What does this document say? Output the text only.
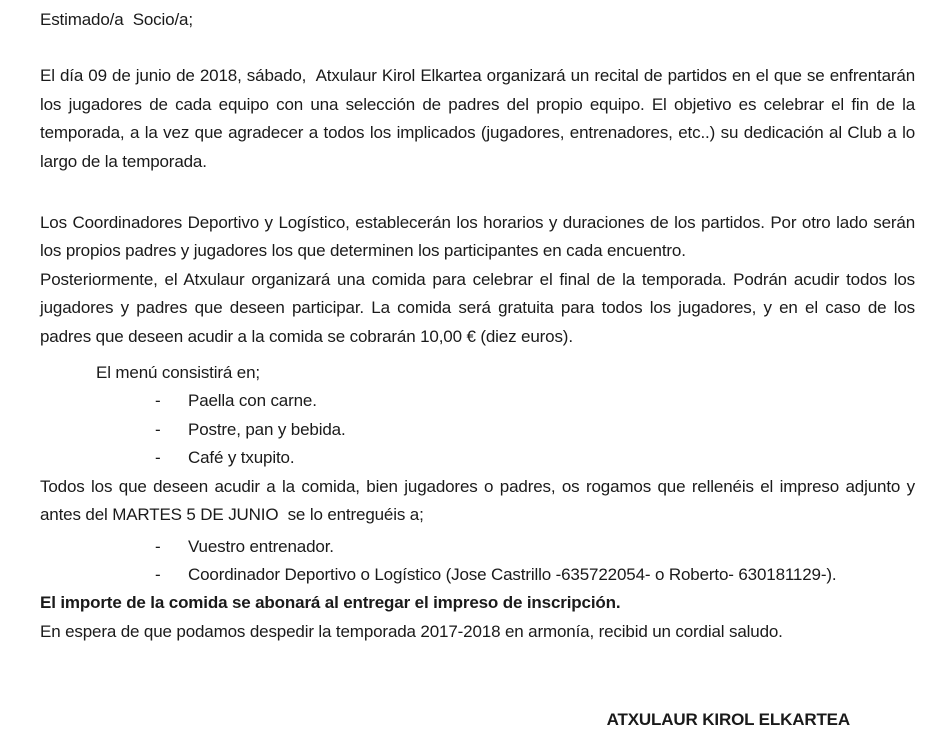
Estimado/a  Socio/a;

El día 09 de junio de 2018, sábado,  Atxulaur Kirol Elkartea organizará un recital de partidos en el que se enfrentarán los jugadores de cada equipo con una selección de padres del propio equipo. El objetivo es celebrar el fin de la temporada, a la vez que agradecer a todos los implicados (jugadores, entrenadores, etc..) su dedicación al Club a lo largo de la temporada.

Los Coordinadores Deportivo y Logístico, establecerán los horarios y duraciones de los partidos. Por otro lado serán los propios padres y jugadores los que determinen los participantes en cada encuentro.

Posteriormente, el Atxulaur organizará una comida para celebrar el final de la temporada. Podrán acudir todos los jugadores y padres que deseen participar. La comida será gratuita para todos los jugadores, y en el caso de los padres que deseen acudir a la comida se cobrarán 10,00 € (diez euros).

El menú consistirá en;

-	Paella con carne.
-	Postre, pan y bebida.
-	Café y txupito.

Todos los que deseen acudir a la comida, bien jugadores o padres, os rogamos que rellenéis el impreso adjunto y antes del MARTES 5 DE JUNIO  se lo entreguéis a;

-	Vuestro entrenador.
-	Coordinador Deportivo o Logístico (Jose Castrillo -635722054- o Roberto- 630181129-).

El importe de la comida se abonará al entregar el impreso de inscripción.

En espera de que podamos despedir la temporada 2017-2018 en armonía, recibid un cordial saludo.

ATXULAUR KIROL ELKARTEA
